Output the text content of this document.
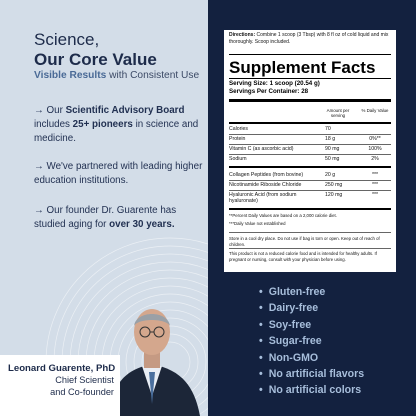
Science,
Our Core Value
Visible Results with Consistent Use
→ Our Scientific Advisory Board includes 25+ pioneers in science and medicine.
→ We've partnered with leading higher education institutions.
→ Our founder Dr. Guarente has studied aging for over 30 years.
Leonard Guarente, PhD
Chief Scientist
and Co-founder
Directions: Combine 1 scoop (3 Tbsp) with 8 fl oz of cold liquid and mix thoroughly. Scoop included.
Supplement Facts
Serving Size: 1 scoop (20.54 g)
Servings Per Container: 28
Amount per serving
% Daily Value
Calories	70
Protein	18 g	0%**
Vitamin C (as ascorbic acid)	90 mg	100%
Sodium	50 mg	2%
Collagen Peptides (from bovine)	20 g	***
Nicotinamide Riboside Chloride	250 mg	***
Hyaluronic Acid (from sodium	120 mg	***
hyaluronate)
**Percent Daily Values are based on a 2,000 calorie diet.
***Daily Value not established
Store in a cool dry place. Do not use if bag is torn or open. Keep out of reach of children.
This product is not a reduced calorie food and is intended for healthy adults. If pregnant or nursing, consult with your physician before using.
• Gluten-free
• Dairy-free
• Soy-free
• Sugar-free
• Non-GMO
• No artificial flavors
• No artificial colors
